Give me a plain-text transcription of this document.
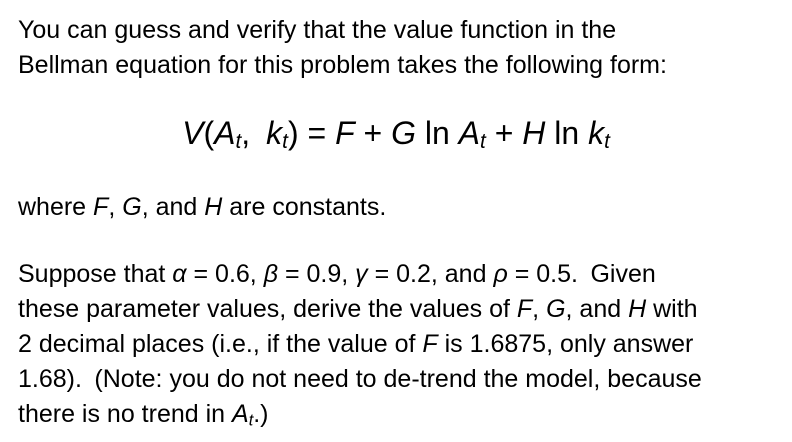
You can guess and verify that the value function in the
Bellman equation for this problem takes the following form:
V(At, kt) = F + G ln At + H ln kt
where F, G, and H are constants.
Suppose that α = 0.6, β = 0.9, γ = 0.2, and ρ = 0.5. Given
these parameter values, derive the values of F, G, and H with
2 decimal places (i.e., if the value of F is 1.6875, only answer
1.68). (Note: you do not need to de-trend the model, because
there is no trend in At.)
